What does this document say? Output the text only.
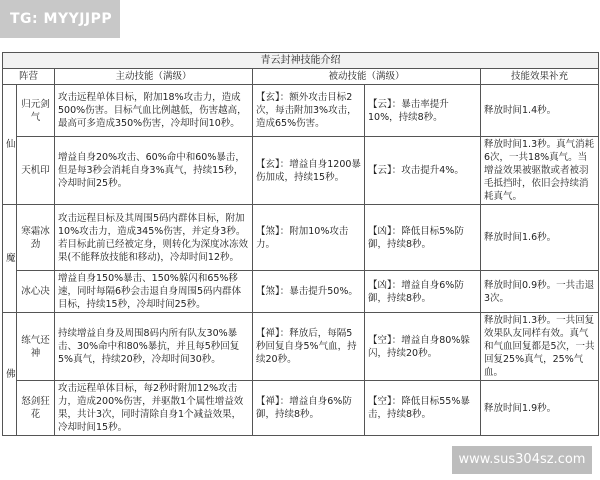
TG: MYYJJPP
青云封神技能介绍					
阵营		主动技能（满级）	被动技能（满级）		技能效果补充
仙	归元剑气	攻击远程单体目标，附加18%攻击力，造成500%伤害。目标气血比例越低，伤害越高，最高可多造成350%伤害，冷却时间10秒。	【玄】：额外攻击目标2次，每击附加3%攻击，造成65%伤害。	【云】：暴击率提升10%，持续8秒。	释放时间1.4秒。
	天机印	增益自身20%攻击、60%命中和60%暴击，但是每3秒会消耗自身3%真气，持续15秒，冷却时间25秒。	【玄】：增益自身1200暴伤加成，持续15秒。	【云】：攻击提升4%。	释放时间1.3秒。真气消耗6次，一共18%真气。当增益效果被驱散或者被羽毛抵挡时，依旧会持续消耗真气。
魔	寒霜冰劲	攻击远程目标及其周围5码内群体目标，附加10%攻击力，造成345%伤害，并定身3秒。若目标此前已经被定身，则转化为深度冰冻效果(不能释放技能和移动)，冷却时间12秒。	【煞】：附加10%攻击力。	【凶】：降低目标5%防御，持续8秒。	释放时间1.6秒。
	冰心决	增益自身150%暴击、150%躲闪和65%移速，同时每隔6秒会击退自身周围5码内群体目标，持续15秒，冷却时间25秒。	【煞】：暴击提升50%。	【凶】：增益自身6%防御，持续8秒。	释放时间0.9秒。一共击退3次。
佛	练气还神	持续增益自身及周围8码内所有队友30%暴击、30%命中和80%暴抗，并且每5秒回复5%真气，持续20秒，冷却时间30秒。	【禅】：释放后，每隔5秒回复自身5%气血，持续20秒。	【空】：增益自身80%躲闪，持续20秒。	释放时间1.3秒。一共回复效果队友同样有效。真气和气血回复都是5次，一共回复25%真气，25%气血。
	怒剑狂花	攻击远程单体目标，每2秒时附加12%攻击力，造成200%伤害，并驱散1个属性增益效果，共计3次，同时清除自身1个减益效果，冷却时间15秒。	【禅】：增益自身6%防御，持续8秒。	【空】：降低目标55%暴击，持续8秒。	释放时间1.9秒。
www.sus304sz.com
